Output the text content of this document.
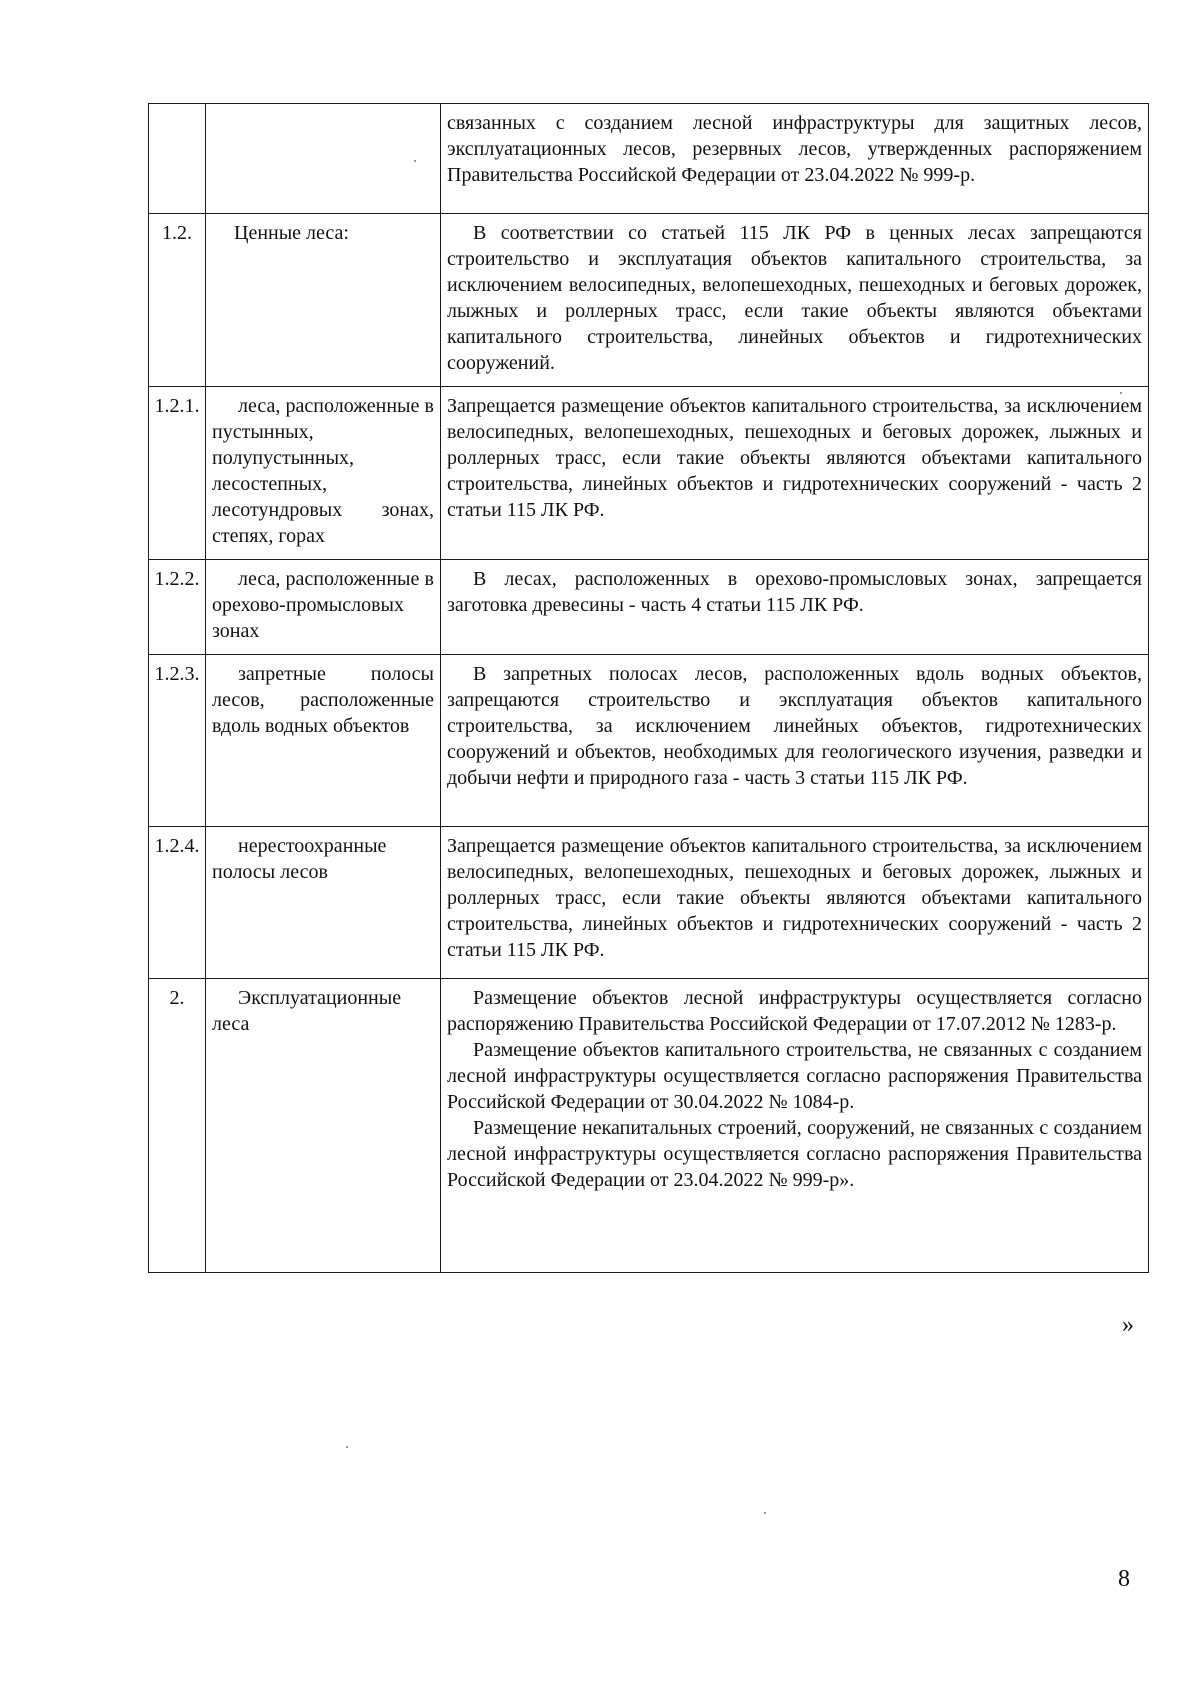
		связанных с созданием лесной инфраструктуры для защитных лесов, эксплуатационных лесов, резервных лесов, утвержденных распоряжением Правительства Российской Федерации от 23.04.2022 № 999-р.

1.2.	Ценные леса:	В соответствии со статьей 115 ЛК РФ в ценных лесах запрещаются строительство и эксплуатация объектов капитального строительства, за исключением велосипедных, велопешеходных, пешеходных и беговых дорожек, лыжных и роллерных трасс, если такие объекты являются объектами капитального строительства, линейных объектов и гидротехнических сооружений.

1.2.1.	леса, расположенные в пустынных, полупустынных, лесостепных, лесотундровых зонах, степях, горах	Запрещается размещение объектов капитального строительства, за исключением велосипедных, велопешеходных, пешеходных и беговых дорожек, лыжных и роллерных трасс, если такие объекты являются объектами капитального строительства, линейных объектов и гидротехнических сооружений - часть 2 статьи 115 ЛК РФ.

1.2.2.	леса, расположенные в орехово-промысловых зонах	В лесах, расположенных в орехово-промысловых зонах, запрещается заготовка древесины - часть 4 статьи 115 ЛК РФ.

1.2.3.	запретные полосы лесов, расположенные вдоль водных объектов	В запретных полосах лесов, расположенных вдоль водных объектов, запрещаются строительство и эксплуатация объектов капитального строительства, за исключением линейных объектов, гидротехнических сооружений и объектов, необходимых для геологического изучения, разведки и добычи нефти и природного газа - часть 3 статьи 115 ЛК РФ.

1.2.4.	нерестоохранные полосы лесов	Запрещается размещение объектов капитального строительства, за исключением велосипедных, велопешеходных, пешеходных и беговых дорожек, лыжных и роллерных трасс, если такие объекты являются объектами капитального строительства, линейных объектов и гидротехнических сооружений - часть 2 статьи 115 ЛК РФ.

2.	Эксплуатационные леса	Размещение объектов лесной инфраструктуры осуществляется согласно распоряжению Правительства Российской Федерации от 17.07.2012 № 1283-р.

Размещение объектов капитального строительства, не связанных с созданием лесной инфраструктуры осуществляется согласно распоряжения Правительства Российской Федерации от 30.04.2022 № 1084-р.

Размещение некапитальных строений, сооружений, не связанных с созданием лесной инфраструктуры осуществляется согласно распоряжения Правительства Российской Федерации от 23.04.2022 № 999-р».

»
8
